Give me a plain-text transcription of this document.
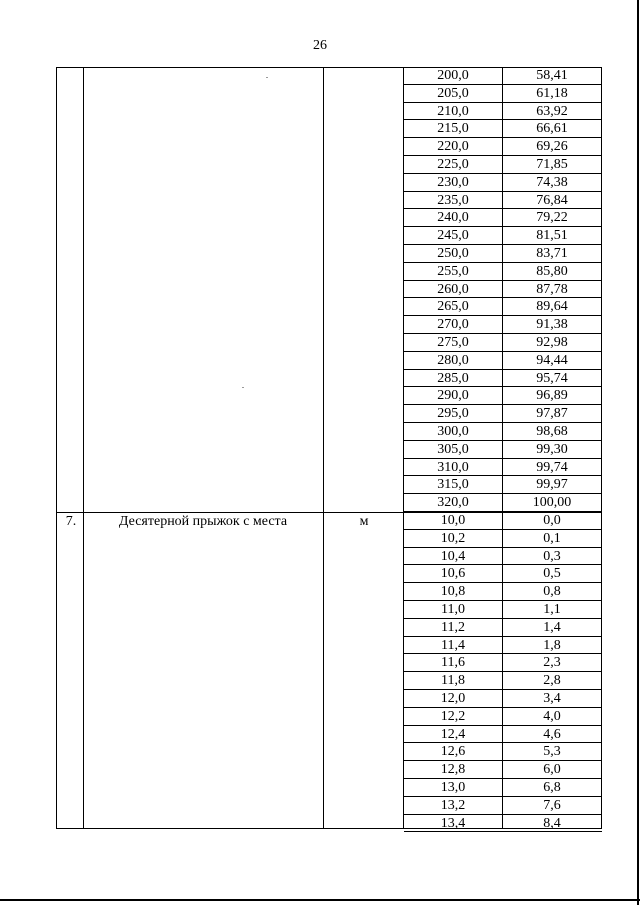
26
200,0	58,41
205,0	61,18
210,0	63,92
215,0	66,61
220,0	69,26
225,0	71,85
230,0	74,38
235,0	76,84
240,0	79,22
245,0	81,51
250,0	83,71
255,0	85,80
260,0	87,78
265,0	89,64
270,0	91,38
275,0	92,98
280,0	94,44
285,0	95,74
290,0	96,89
295,0	97,87
300,0	98,68
305,0	99,30
310,0	99,74
315,0	99,97
320,0	100,00
7.	Десятерной прыжок с места	м	10,0	0,0
10,2	0,1
10,4	0,3
10,6	0,5
10,8	0,8
11,0	1,1
11,2	1,4
11,4	1,8
11,6	2,3
11,8	2,8
12,0	3,4
12,2	4,0
12,4	4,6
12,6	5,3
12,8	6,0
13,0	6,8
13,2	7,6
13,4	8,4
